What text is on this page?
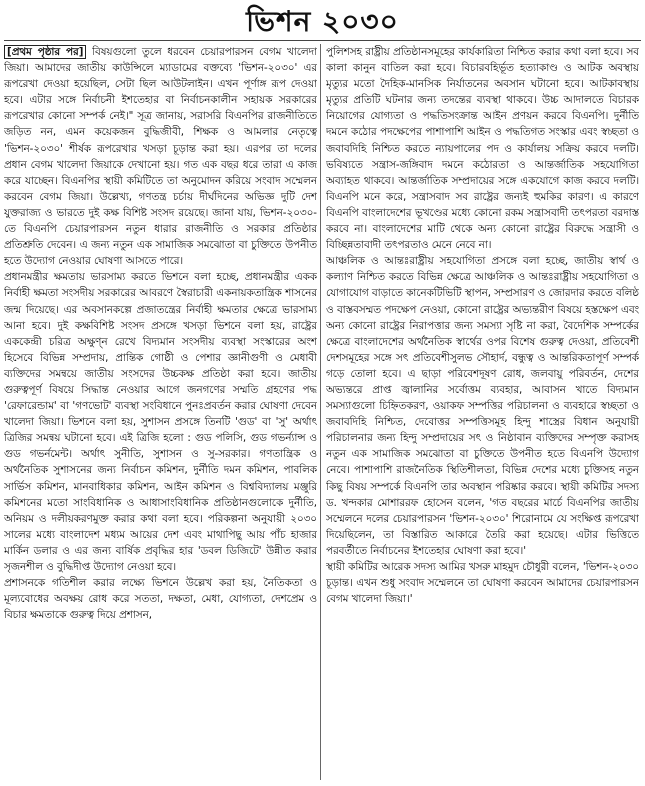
ভিশন ২০৩০

[প্রথম পৃষ্ঠার পর] বিষয়গুলো তুলে ধরবেন চেয়ারপারসন বেগম খালেদা জিয়া। আমাদের জাতীয় কাউন্সিলে ম্যাডামের বক্তব্যে 'ভিশন-২০৩০' এর রূপরেখা দেওয়া হয়েছিল, সেটা ছিল আউটলাইন। এখন পূর্ণাঙ্গ রূপ দেওয়া হবে। এটার সঙ্গে নির্বাচনী ইশতেহার বা নির্বাচনকালীন সহায়ক সরকারের রূপরেখার কোনো সম্পর্ক নেই।" সূত্র জানায়, সরাসরি বিএনপির রাজনীতিতে জড়িত নন, এমন কয়েকজন বুদ্ধিজীবী, শিক্ষক ও আমলার নেতৃত্বে 'ভিশন-২০৩০' শীর্ষক রূপরেখার খসড়া চূড়ান্ত করা হয়। এরপর তা দলের প্রধান বেগম খালেদা জিয়াকে দেখানো হয়। গত এক বছর ধরে তারা এ কাজ করে যাচ্ছেন। বিএনপির স্থায়ী কমিটিতে তা অনুমোদন করিয়ে সংবাদ সম্মেলন করবেন বেগম জিয়া। উল্লেখ্য, গণতন্ত্র চর্চায় দীর্ঘদিনের অভিজ্ঞ দুটি দেশ যুক্তরাজ্য ও ভারতে দুই কক্ষ বিশিষ্ট সংসদ রয়েছে। জানা যায়, ভিশন-২০৩০-তে বিএনপি চেয়ারপারসন নতুন ধারার রাজনীতি ও সরকার প্রতিষ্ঠার প্রতিশ্রুতি দেবেন। এ জন্য নতুন এক সামাজিক সমঝোতা বা চুক্তিতে উপনীত হতে উদ্যোগ নেওয়ার ঘোষণা আসতে পারে।

প্রধানমন্ত্রীর ক্ষমতায় ভারসাম্য করতে ভিশনে বলা হচ্ছে, প্রধানমন্ত্রীর একক নির্বাহী ক্ষমতা সংসদীয় সরকারের আবরণে স্বৈরাচারী একনায়কতান্ত্রিক শাসনের জন্ম দিয়েছে। এর অবসানকল্পে প্রজাতন্ত্রের নির্বাহী ক্ষমতার ক্ষেত্রে ভারসাম্য আনা হবে। দুই কক্ষবিশিষ্ট সংসদ প্রসঙ্গে খসড়া ভিশনে বলা হয়, রাষ্ট্রের এককেন্দ্রী চরিত্র অক্ষুণ্ন রেখে বিদ্যমান সংসদীয় ব্যবস্থা সংস্কারের অংশ হিসেবে বিভিন্ন সম্প্রদায়, প্রান্তিক গোষ্ঠী ও পেশার জ্ঞানীগুণী ও মেধাবী ব্যক্তিদের সমন্বয়ে জাতীয় সংসদের উচ্চকক্ষ প্রতিষ্ঠা করা হবে। জাতীয় গুরুত্বপূর্ণ বিষয়ে সিদ্ধান্ত নেওয়ার আগে জনগণের সম্মতি গ্রহণের পদ্ধ 'রেফারেন্ডাম' বা 'গণভোট' ব্যবস্থা সংবিধানে পুনঃপ্রবর্তন করার ঘোষণা দেবেন খালেদা জিয়া। ভিশনে বলা হয়, সুশাসন প্রসঙ্গে তিনটি 'গুড' বা 'সু' অর্থাৎ ত্রিজির সমন্বয় ঘটানো হবে। এই ত্রিজি হলো : গুড পলিসি, গুড গভর্ন্যান্স ও গুড গভর্নমেন্ট। অর্থাৎ সুনীতি, সুশাসন ও সু-সরকার। গণতান্ত্রিক ও অর্থনৈতিক সুশাসনের জন্য নির্বাচন কমিশন, দুর্নীতি দমন কমিশন, পাবলিক সার্ভিস কমিশন, মানবাধিকার কমিশন, আইন কমিশন ও বিশ্ববিদ্যালয় মঞ্জুরি কমিশনের মতো সাংবিধানিক ও আধাসাংবিধানিক প্রতিষ্ঠানগুলোকে দুর্নীতি, অনিয়ম ও দলীয়করণমুক্ত করার কথা বলা হবে। পরিকল্পনা অনুযায়ী ২০৩০ সালের মধ্যে বাংলাদেশ মধ্যম আয়ের দেশ এবং মাথাপিছু আয় পাঁচ হাজার মার্কিন ডলার ও এর জন্য বার্ষিক প্রবৃদ্ধির হার 'ডবল ডিজিটে' উন্নীত করার সৃজনশীল ও বুদ্ধিদীপ্ত উদ্যোগ নেওয়া হবে।

প্রশাসনকে গতিশীল করার লক্ষ্যে ভিশনে উল্লেখ করা হয়, নৈতিকতা ও মূল্যবোধের অবক্ষয় রোধ করে সততা, দক্ষতা, মেধা, যোগ্যতা, দেশপ্রেম ও বিচার ক্ষমতাকে গুরুত্ব দিয়ে প্রশাসন,

পুলিশসহ রাষ্ট্রীয় প্রতিষ্ঠানসমূহের কার্যকারিতা নিশ্চিত করার কথা বলা হবে। সব কালা কানুন বাতিল করা হবে। বিচারবহির্ভূত হত্যাকাণ্ড ও আটক অবস্থায় মৃত্যুর মতো দৈহিক-মানসিক নির্যাতনের অবসান ঘটানো হবে। আটকাবস্থায় মৃত্যুর প্রতিটি ঘটনার জন্য তদন্তের ব্যবস্থা থাকবে। উচ্চ আদালতে বিচারক নিয়োগের যোগ্যতা ও পদ্ধতিসংক্রান্ত আইন প্রণয়ন করবে বিএনপি। দুর্নীতি দমনে কঠোর পদক্ষেপের পাশাপাশি আইন ও পদ্ধতিগত সংস্কার এবং স্বচ্ছতা ও জবাবদিহি নিশ্চিত করতে ন্যায়পালের পদ ও কার্যালয় সক্রিয় করবে দলটি। ভবিষ্যতে সন্ত্রাস-জঙ্গিবাদ দমনে কঠোরতা ও আন্তর্জাতিক সহযোগিতা অব্যাহত থাকবে। আন্তর্জাতিক সম্প্রদায়ের সঙ্গে একযোগে কাজ করবে দলটি। বিএনপি মনে করে, সন্ত্রাসবাদ সব রাষ্ট্রের জন্যই হুমকির কারণ। এ কারণে বিএনপি বাংলাদেশের ভূখণ্ডের মধ্যে কোনো রকম সন্ত্রাসবাদী তৎপরতা বরদাস্ত করবে না। বাংলাদেশের মাটি থেকে অন্য কোনো রাষ্ট্রের বিরুদ্ধে সন্ত্রাসী ও বিচ্ছিন্নতাবাদী তৎপরতাও মেনে নেবে না।

আঞ্চলিক ও আন্তঃরাষ্ট্রীয় সহযোগিতা প্রসঙ্গে বলা হচ্ছে, জাতীয় স্বার্থ ও কল্যাণ নিশ্চিত করতে বিভিন্ন ক্ষেত্রে আঞ্চলিক ও আন্তঃরাষ্ট্রীয় সহযোগিতা ও যোগাযোগ বাড়াতে কানেকটিভিটি স্থাপন, সম্প্রসারণ ও জোরদার করতে বলিষ্ঠ ও বাস্তবসম্মত পদক্ষেপ নেওয়া, কোনো রাষ্ট্রের অভ্যন্তরীণ বিষয়ে হস্তক্ষেপ এবং অন্য কোনো রাষ্ট্রের নিরাপত্তার জন্য সমস্যা সৃষ্টি না করা, বৈদেশিক সম্পর্কের ক্ষেত্রে বাংলাদেশের অর্থনৈতিক স্বার্থের ওপর বিশেষ গুরুত্ব দেওয়া, প্রতিবেশী দেশসমূহের সঙ্গে সৎ প্রতিবেশীসুলভ সৌহার্দ, বন্ধুত্ব ও আন্তরিকতাপূর্ণ সম্পর্ক গড়ে তোলা হবে। এ ছাড়া পরিবেশদূষণ রোধ, জলবায়ু পরিবর্তন, দেশের অভ্যন্তরে প্রাপ্ত জ্বালানির সর্বোত্তম ব্যবহার, আবাসন খাতে বিদ্যমান সমস্যাগুলো চিহ্নিতকরণ, ওয়াকফ সম্পত্তির পরিচালনা ও ব্যবহারে স্বচ্ছতা ও জবাবদিহি নিশ্চিত, দেবোত্তর সম্পত্তিসমূহ হিন্দু শাস্ত্রের বিধান অনুযায়ী পরিচালনার জন্য হিন্দু সম্প্রদায়ের সৎ ও নিষ্ঠাবান ব্যক্তিদের সম্পৃক্ত করাসহ নতুন এক সামাজিক সমঝোতা বা চুক্তিতে উপনীত হতে বিএনপি উদ্যোগ নেবে। পাশাপাশি রাজনৈতিক স্থিতিশীলতা, বিভিন্ন দেশের মধ্যে চুক্তিসহ নতুন কিছু বিষয় সম্পর্কে বিএনপি তার অবস্থান পরিষ্কার করবে। স্থায়ী কমিটির সদস্য ড. খন্দকার মোশাররফ হোসেন বলেন, 'গত বছরের মার্চে বিএনপির জাতীয় সম্মেলনে দলের চেয়ারপারসন 'ভিশন-২০৩০' শিরোনামে যে সংক্ষিপ্ত রূপরেখা দিয়েছিলেন, তা বিস্তারিত আকারে তৈরি করা হয়েছে। এটার ভিত্তিতে পরবর্তীতে নির্বাচনের ইশতেহার ঘোষণা করা হবে।'

স্থায়ী কমিটির আরেক সদস্য আমির খসরু মাহমুদ চৌধুরী বলেন, 'ভিশন-২০৩০ চূড়ান্ত। এখন শুধু সংবাদ সম্মেলনে তা ঘোষণা করবেন আমাদের চেয়ারপারসন বেগম খালেদা জিয়া।'
